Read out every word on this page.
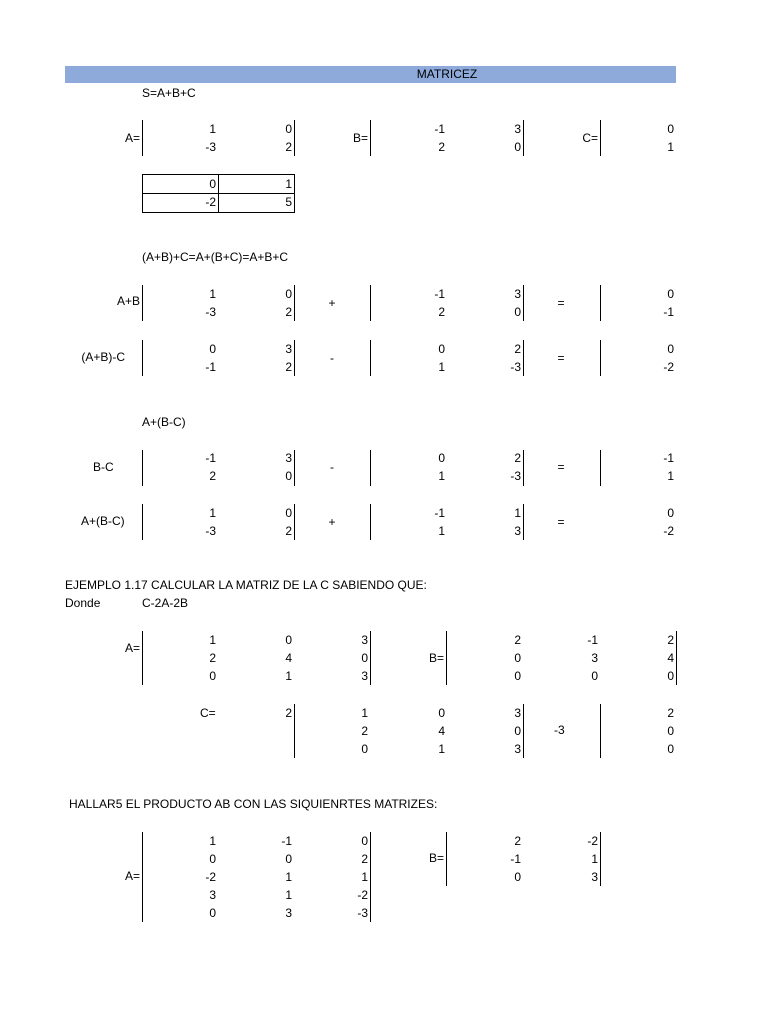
MATRICEZ
S=A+B+C
A=
1	0
-3	2
B=
-1	3
2	0
C=
0
1
0	1
-2	5
(A+B)+C=A+(B+C)=A+B+C
A+B	1	0
-3	2
+
-1	3
2	0
=
0
-1
(A+B)-C
0	3
-1	2
-
0	2
1	-3
=
0
-2
A+(B-C)
B-C
-1	3
2	0
-
0	2
1	-3
=
-1
1
A+(B-C)
1	0
-3	2
+
-1	1
1	3
=
0
-2
EJEMPLO 1.17 CALCULAR LA MATRIZ DE LA C SABIENDO QUE:
Donde	C-2A-2B
A=
1	0	3
2	4	0
0	1	3
B=
2	-1	2
0	3	4
0	0	0
C=	2	1	0	3
2	4	0
0	1	3
-3
2
0
0
HALLAR5 EL PRODUCTO AB CON LAS SIQUIENRTES MATRIZES:
A=
1	-1	0
0	0	2
-2	1	1
3	1	-2
0	3	-3
B=
2	-2
-1	1
0	3
